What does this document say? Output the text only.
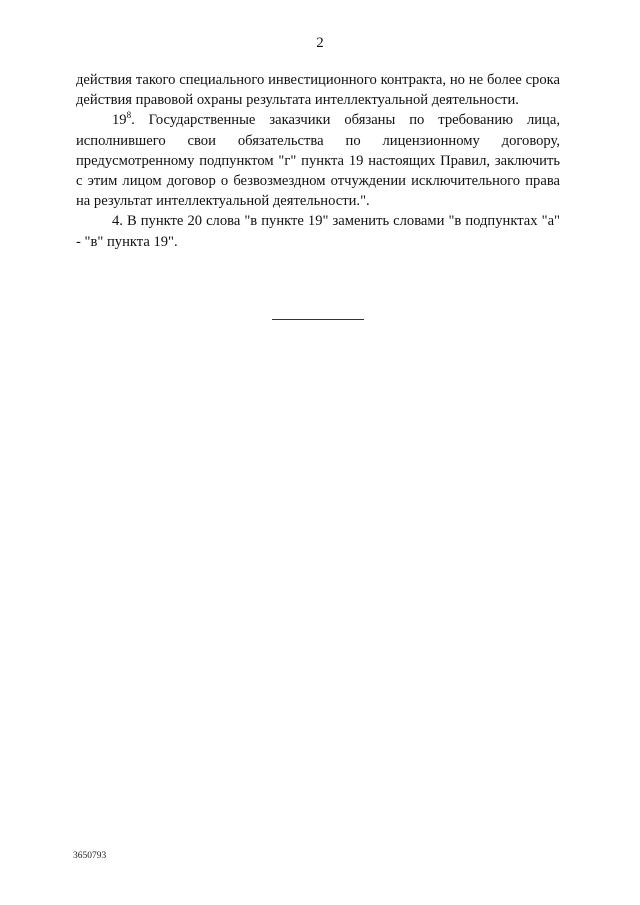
2

действия такого специального инвестиционного контракта, но не более срока действия правовой охраны результата интеллектуальной деятельности.

$19^8$. Государственные заказчики обязаны по требованию лица, исполнившего свои обязательства по лицензионному договору, предусмотренному подпунктом "г" пункта 19 настоящих Правил, заключить с этим лицом договор о безвозмездном отчуждении исключительного права на результат интеллектуальной деятельности.".

4. В пункте 20 слова "в пункте 19" заменить словами "в подпунктах "а" - "в" пункта 19".

3650793
